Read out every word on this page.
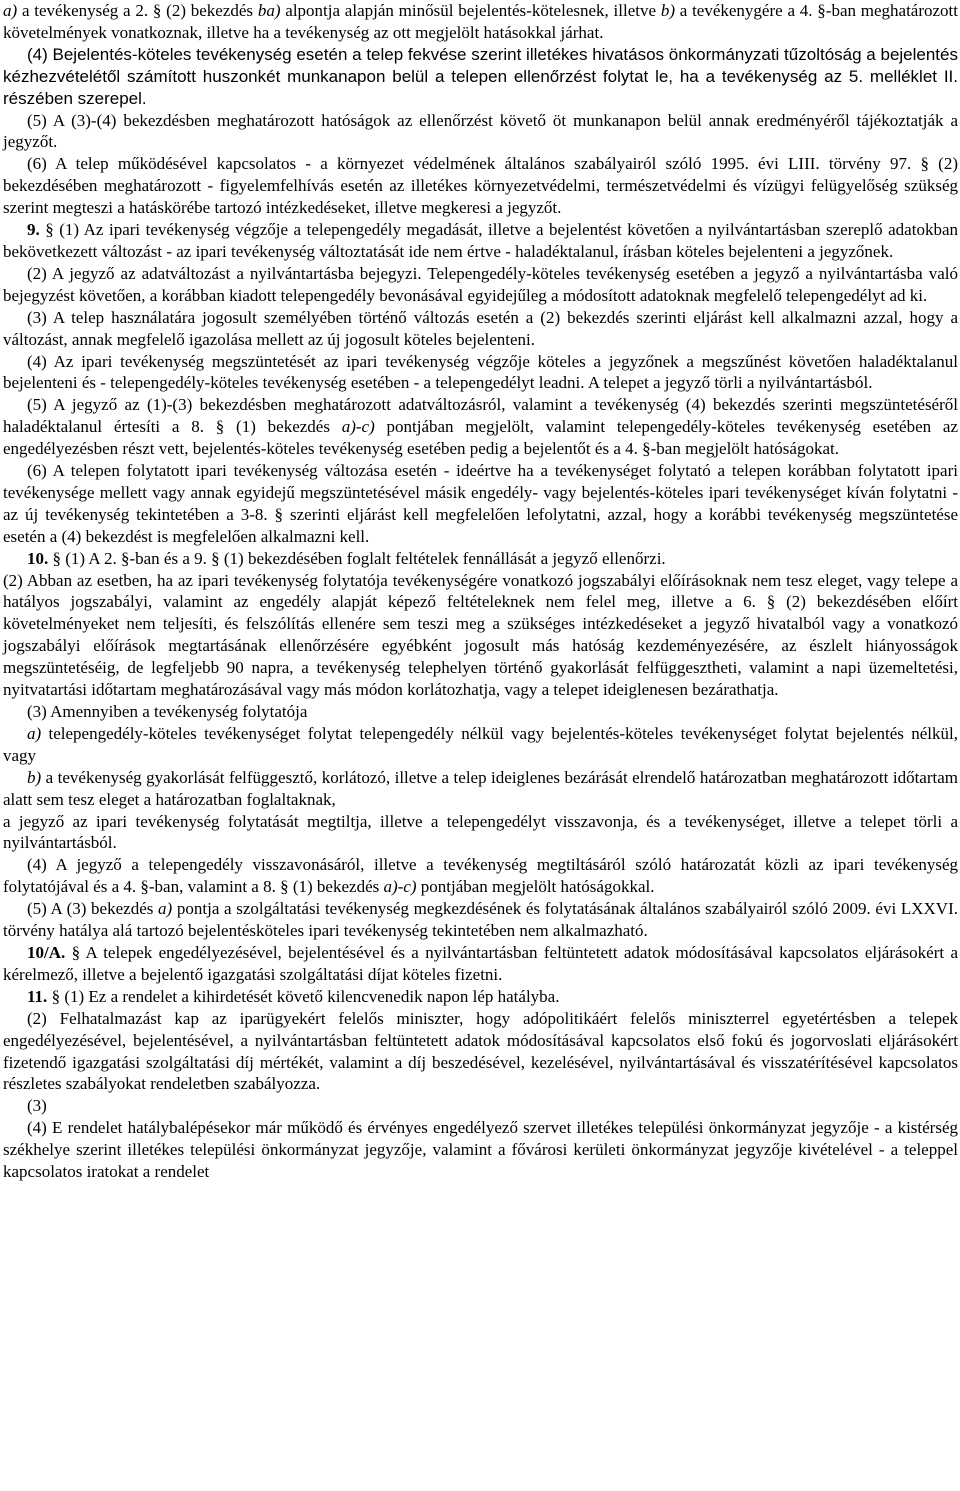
a) a tevékenység a 2. § (2) bekezdés ba) alpontja alapján minősül bejelentés-kötelesnek, illetve b) a tevékenygére a 4. §-ban meghatározott követelmények vonatkoznak, illetve ha a tevékenység az ott megjelölt hatásokkal járhat.

(4) Bejelentés-köteles tevékenység esetén a telep fekvése szerint illetékes hivatásos önkormányzati tűzoltóság a bejelentés kézhezvételétől számított huszonkét munkanapon belül a telepen ellenőrzést folytat le, ha a tevékenység az 5. melléklet II. részében szerepel.

(5) A (3)-(4) bekezdésben meghatározott hatóságok az ellenőrzést követő öt munkanapon belül annak eredményéről tájékoztatják a jegyzőt.

(6) A telep működésével kapcsolatos - a környezet védelmének általános szabályairól szóló 1995. évi LIII. törvény 97. § (2) bekezdésében meghatározott - figyelemfelhívás esetén az illetékes környezetvédelmi, természetvédelmi és vízügyi felügyelőség szükség szerint megteszi a hatáskörébe tartozó intézkedéseket, illetve megkeresi a jegyzőt.

9. § (1) Az ipari tevékenység végzője a telepengedély megadását, illetve a bejelentést követően a nyilvántartásban szereplő adatokban bekövetkezett változást - az ipari tevékenység változtatását ide nem értve - haladéktalanul, írásban köteles bejelenteni a jegyzőnek.

(2) A jegyző az adatváltozást a nyilvántartásba bejegyzi. Telepengedély-köteles tevékenység esetében a jegyző a nyilvántartásba való bejegyzést követően, a korábban kiadott telepengedély bevonásával egyidejűleg a módosított adatoknak megfelelő telepengedélyt ad ki.

(3) A telep használatára jogosult személyében történő változás esetén a (2) bekezdés szerinti eljárást kell alkalmazni azzal, hogy a változást, annak megfelelő igazolása mellett az új jogosult köteles bejelenteni.

(4) Az ipari tevékenység megszüntetését az ipari tevékenység végzője köteles a jegyzőnek a megszűnést követően haladéktalanul bejelenteni és - telepengedély-köteles tevékenység esetében - a telepengedélyt leadni. A telepet a jegyző törli a nyilvántartásból.

(5) A jegyző az (1)-(3) bekezdésben meghatározott adatváltozásról, valamint a tevékenység (4) bekezdés szerinti megszüntetéséről haladéktalanul értesíti a 8. § (1) bekezdés a)-c) pontjában megjelölt, valamint telepengedély-köteles tevékenység esetében az engedélyezésben részt vett, bejelentés-köteles tevékenység esetében pedig a bejelentőt és a 4. §-ban megjelölt hatóságokat.

(6) A telepen folytatott ipari tevékenység változása esetén - ideértve ha a tevékenységet folytató a telepen korábban folytatott ipari tevékenysége mellett vagy annak egyidejű megszüntetésével másik engedély- vagy bejelentés-köteles ipari tevékenységet kíván folytatni - az új tevékenység tekintetében a 3-8. § szerinti eljárást kell megfelelően lefolytatni, azzal, hogy a korábbi tevékenység megszüntetése esetén a (4) bekezdést is megfelelően alkalmazni kell.

10. § (1) A 2. §-ban és a 9. § (1) bekezdésében foglalt feltételek fennállását a jegyző ellenőrzi.

(2) Abban az esetben, ha az ipari tevékenység folytatója tevékenységére vonatkozó jogszabályi előírásoknak nem tesz eleget, vagy telepe a hatályos jogszabályi, valamint az engedély alapját képező feltételeknek nem felel meg, illetve a 6. § (2) bekezdésében előírt követelményeket nem teljesíti, és felszólítás ellenére sem teszi meg a szükséges intézkedéseket a jegyző hivatalból vagy a vonatkozó jogszabályi előírások megtartásának ellenőrzésére egyébként jogosult más hatóság kezdeményezésére, az észlelt hiányosságok megszüntetéséig, de legfeljebb 90 napra, a tevékenység telephelyen történő gyakorlását felfüggesztheti, valamint a napi üzemeltetési, nyitvatartási időtartam meghatározásával vagy más módon korlátozhatja, vagy a telepet ideiglenesen bezárathatja.

(3) Amennyiben a tevékenység folytatója

a) telepengedély-köteles tevékenységet folytat telepengedély nélkül vagy bejelentés-köteles tevékenységet folytat bejelentés nélkül, vagy

b) a tevékenység gyakorlását felfüggesztő, korlátozó, illetve a telep ideiglenes bezárását elrendelő határozatban meghatározott időtartam alatt sem tesz eleget a határozatban foglaltaknak,

a jegyző az ipari tevékenység folytatását megtiltja, illetve a telepengedélyt visszavonja, és a tevékenységet, illetve a telepet törli a nyilvántartásból.

(4) A jegyző a telepengedély visszavonásáról, illetve a tevékenység megtiltásáról szóló határozatát közli az ipari tevékenység folytatójával és a 4. §-ban, valamint a 8. § (1) bekezdés a)-c) pontjában megjelölt hatóságokkal.

(5) A (3) bekezdés a) pontja a szolgáltatási tevékenység megkezdésének és folytatásának általános szabályairól szóló 2009. évi LXXVI. törvény hatálya alá tartozó bejelentésköteles ipari tevékenység tekintetében nem alkalmazható.

10/A. § A telepek engedélyezésével, bejelentésével és a nyilvántartásban feltüntetett adatok módosításával kapcsolatos eljárásokért a kérelmező, illetve a bejelentő igazgatási szolgáltatási díjat köteles fizetni.

11. § (1) Ez a rendelet a kihirdetését követő kilencvenedik napon lép hatályba.

(2) Felhatalmazást kap az iparügyekért felelős miniszter, hogy adópolitikáért felelős miniszterrel egyetértésben a telepek engedélyezésével, bejelentésével, a nyilvántartásban feltüntetett adatok módosításával kapcsolatos első fokú és jogorvoslati eljárásokért fizetendő igazgatási szolgáltatási díj mértékét, valamint a díj beszedésével, kezelésével, nyilvántartásával és visszatérítésével kapcsolatos részletes szabályokat rendeletben szabályozza.

(3)

(4) E rendelet hatálybalépésekor már működő és érvényes engedélyező szervet illetékes települési önkormányzat jegyzője - a kistérség székhelye szerint illetékes települési önkormányzat jegyzője, valamint a fővárosi kerületi önkormányzat jegyzője kivételével - a teleppel kapcsolatos iratokat a rendelet
